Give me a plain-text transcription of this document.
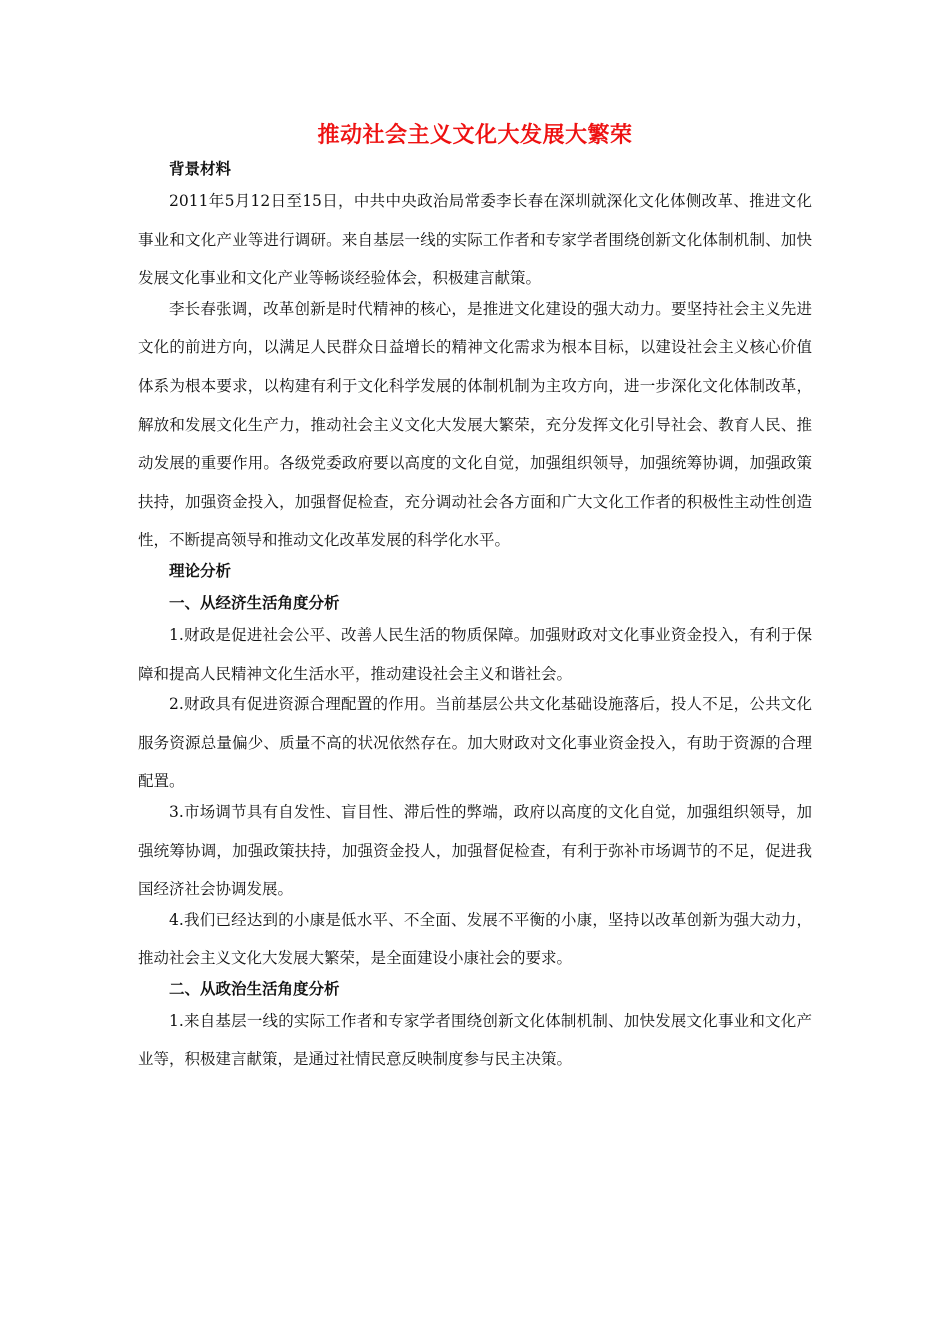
推动社会主义文化大发展大繁荣
背景材料

2011年5月12日至15日，中共中央政治局常委李长春在深圳就深化文化体侧改革、推进文化事业和文化产业等进行调研。来自基层一线的实际工作者和专家学者围绕创新文化体制机制、加快发展文化事业和文化产业等畅谈经验体会，积极建言献策。

李长春张调，改革创新是时代精神的核心，是推进文化建设的强大动力。要坚持社会主义先进文化的前进方向，以满足人民群众日益增长的精神文化需求为根本目标，以建设社会主义核心价值体系为根本要求，以构建有利于文化科学发展的体制机制为主攻方向，进一步深化文化体制改革，解放和发展文化生产力，推动社会主义文化大发展大繁荣，充分发挥文化引导社会、教育人民、推动发展的重要作用。各级党委政府要以高度的文化自觉，加强组织领导，加强统筹协调，加强政策扶持，加强资金投入，加强督促检查，充分调动社会各方面和广大文化工作者的积极性主动性创造性，不断提高领导和推动文化改革发展的科学化水平。

理论分析
一、从经济生活角度分析

1.财政是促进社会公平、改善人民生活的物质保障。加强财政对文化事业资金投入，有利于保障和提高人民精神文化生活水平，推动建设社会主义和谐社会。

2.财政具有促进资源合理配置的作用。当前基层公共文化基础设施落后，投人不足，公共文化服务资源总量偏少、质量不高的状况依然存在。加大财政对文化事业资金投入，有助于资源的合理配置。

3.市场调节具有自发性、盲目性、滞后性的弊端，政府以高度的文化自觉，加强组织领导，加强统筹协调，加强政策扶持，加强资金投人，加强督促检查，有利于弥补市场调节的不足，促进我国经济社会协调发展。

4.我们已经达到的小康是低水平、不全面、发展不平衡的小康，坚持以改革创新为强大动力，推动社会主义文化大发展大繁荣，是全面建设小康社会的要求。

二、从政治生活角度分析

1.来自基层一线的实际工作者和专家学者围绕创新文化体制机制、加快发展文化事业和文化产业等，积极建言献策，是通过社情民意反映制度参与民主决策。
